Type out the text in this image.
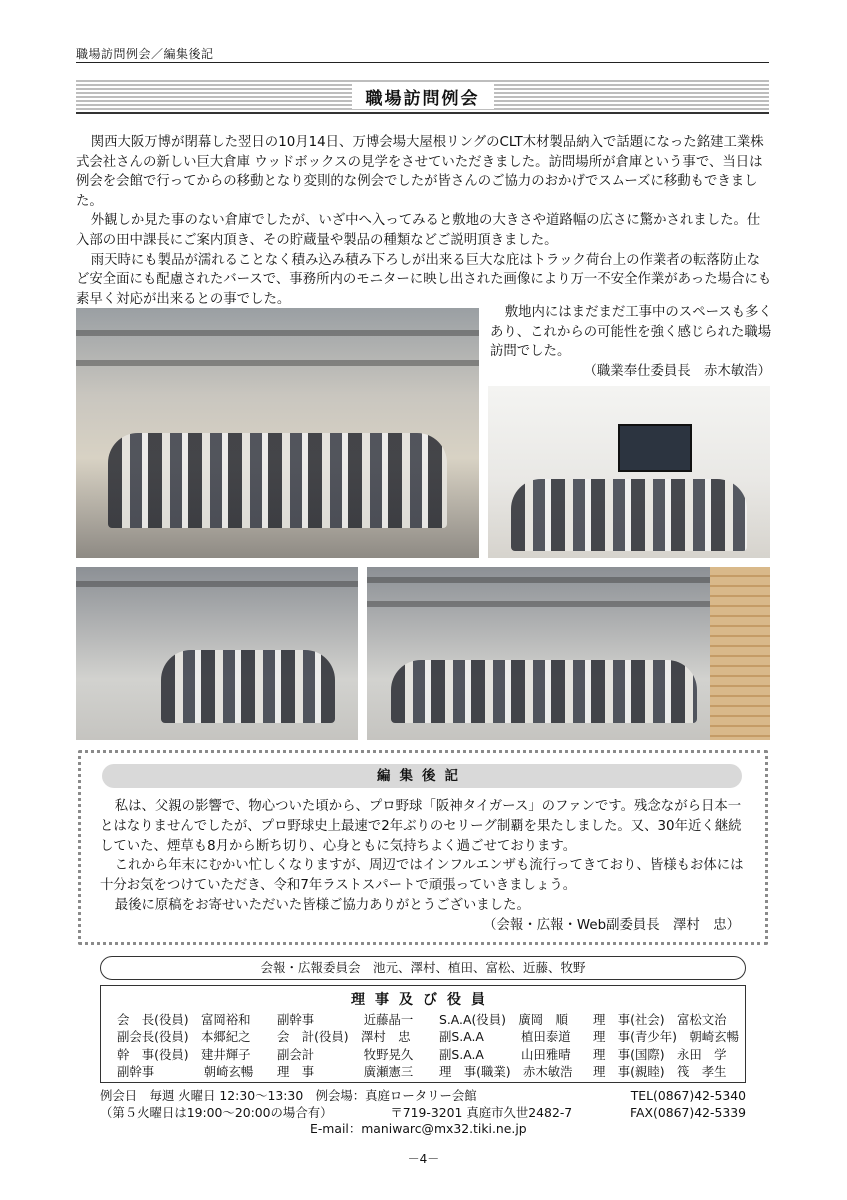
職場訪問例会／編集後記
職場訪問例会

関西大阪万博が閉幕した翌日の10月14日、万博会場大屋根リングのCLT木材製品納入で話題になった銘建工業株式会社さんの新しい巨大倉庫 ウッドボックスの見学をさせていただきました。訪問場所が倉庫という事で、当日は例会を会館で行ってからの移動となり変則的な例会でしたが皆さんのご協力のおかげでスムーズに移動もできました。

外観しか見た事のない倉庫でしたが、いざ中へ入ってみると敷地の大きさや道路幅の広さに驚かされました。仕入部の田中課長にご案内頂き、その貯蔵量や製品の種類などご説明頂きました。

雨天時にも製品が濡れることなく積み込み積み下ろしが出来る巨大な庇はトラック荷台上の作業者の転落防止など安全面にも配慮されたバースで、事務所内のモニターに映し出された画像により万一不安全作業があった場合にも素早く対応が出来るとの事でした。

敷地内にはまだまだ工事中のスペースも多くあり、これからの可能性を強く感じられた職場訪問でした。

（職業奉仕委員長　赤木敏浩）

編集後記

私は、父親の影響で、物心ついた頃から、プロ野球「阪神タイガース」のファンです。残念ながら日本一とはなりませんでしたが、プロ野球史上最速で2年ぶりのセリーグ制覇を果たしました。又、30年近く継続していた、煙草も8月から断ち切り、心身ともに気持ちよく過ごせております。

これから年末にむかい忙しくなりますが、周辺ではインフルエンザも流行ってきており、皆様もお体には十分お気をつけていただき、令和7年ラストスパートで頑張っていきましょう。

最後に原稿をお寄せいただいた皆様ご協力ありがとうございました。

（会報・広報・Web副委員長　澤村　忠）

会報・広報委員会　池元、澤村、植田、富松、近藤、牧野
理事及び役員
会　長(役員)　富岡裕和	副幹事　　　　近藤晶一	S.A.A(役員)　廣岡　順	理　事(社会)　富松文治
副会長(役員)　本郷紀之	会　計(役員)　澤村　忠	副S.A.A　　　植田泰道	理　事(青少年)　朝崎玄暢
幹　事(役員)　建井輝子	副会計　　　　牧野晃久	副S.A.A　　　山田雅晴	理　事(国際)　永田　学
副幹事　　　　朝崎玄暢	理　事　　　　廣瀬憲三	理　事(職業)　赤木敏浩	理　事(親睦)　筏　孝生
例会日　毎週 火曜日 12:30〜13:30　例会場：真庭ロータリー会館	TEL(0867)42-5340
（第５火曜日は19:00〜20:00の場合有）	〒719-3201 真庭市久世2482-7	FAX(0867)42-5339
E-mail：maniwarc@mx32.tiki.ne.jp
－4－
